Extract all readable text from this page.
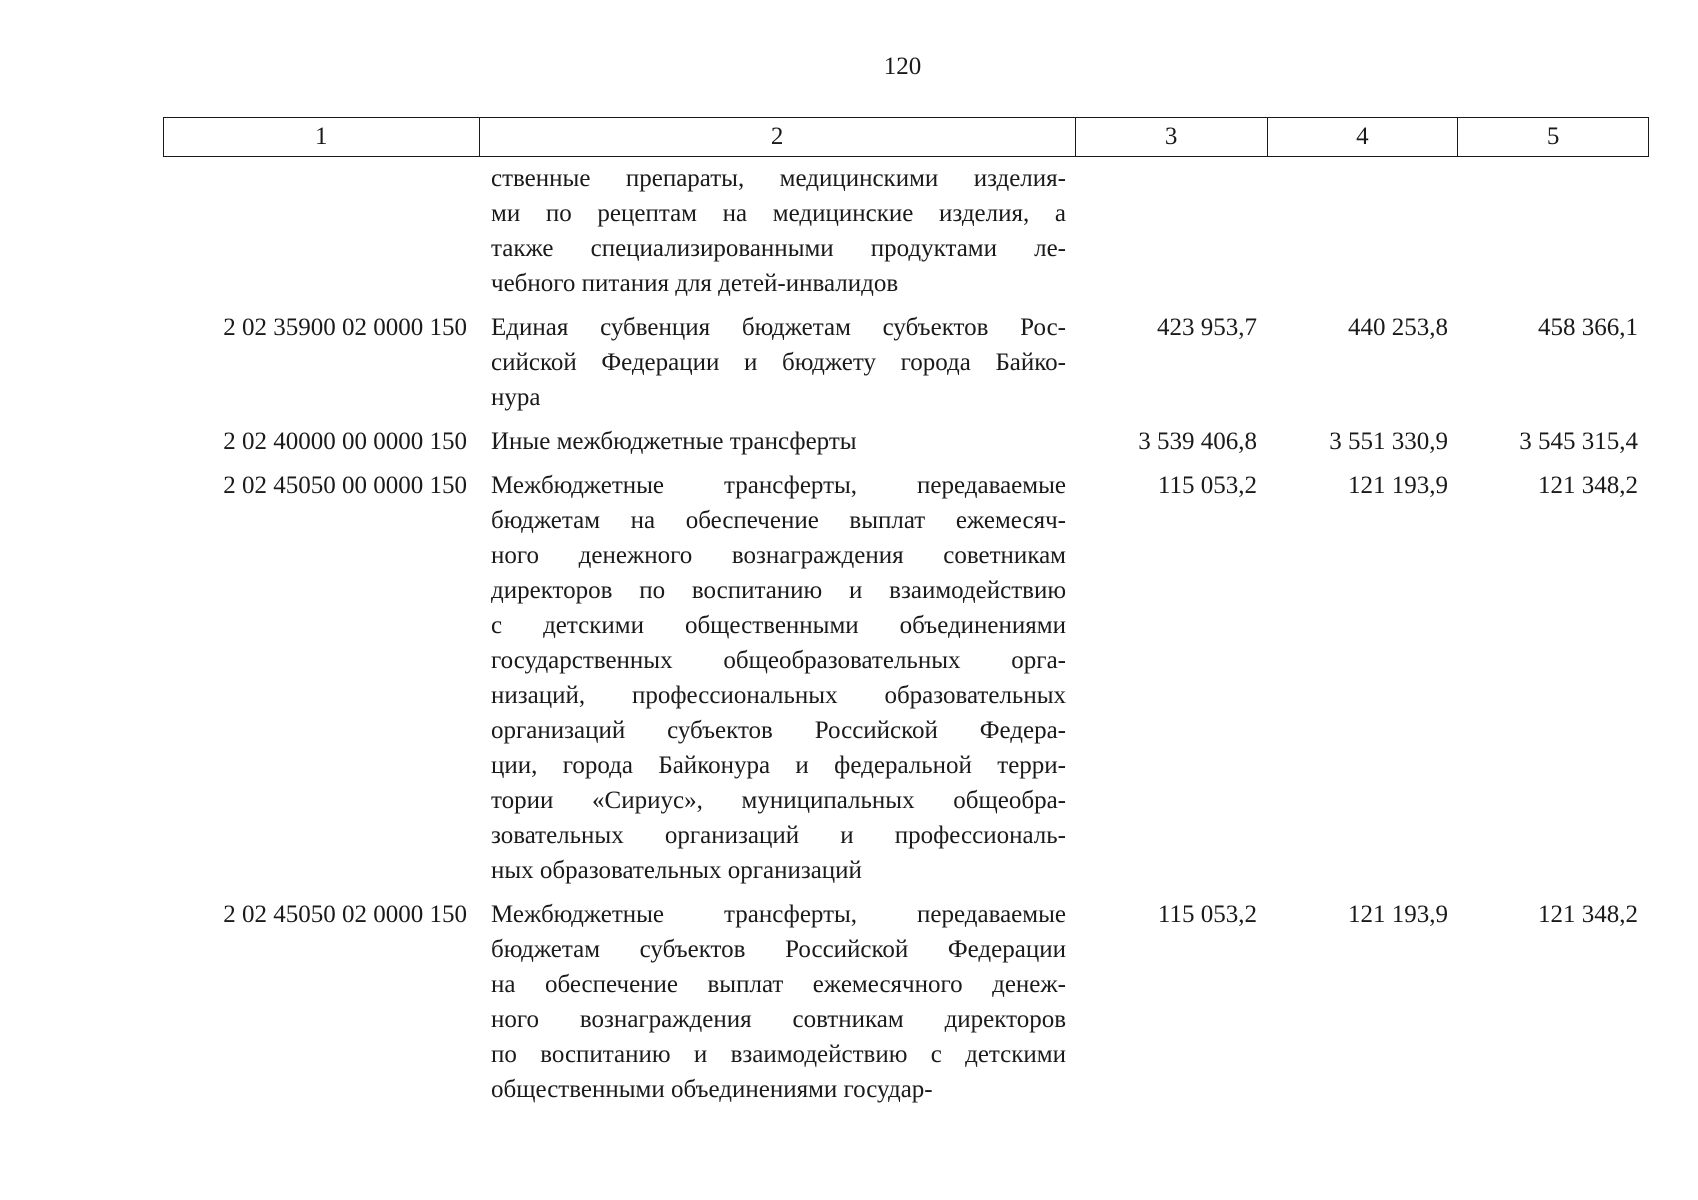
120
1	2	3	4	5
ственные препараты, медицинскими изделия-
ми по рецептам на медицинские изделия, а
также специализированными продуктами ле-
чебного питания для детей-инвалидов
2 02 35900 02 0000 150 Единая субвенция бюджетам субъектов Рос-
сийской Федерации и бюджету города Байко-
нура
423 953,7	440 253,8	458 366,1
2 02 40000 00 0000 150 Иные межбюджетные трансферты	3 539 406,8	3 551 330,9	3 545 315,4
2 02 45050 00 0000 150 Межбюджетные трансферты, передаваемые
бюджетам на обеспечение выплат ежемесяч-
ного денежного вознаграждения советникам
директоров по воспитанию и взаимодействию
с детскими общественными объединениями
государственных общеобразовательных орга-
низаций, профессиональных образовательных
организаций субъектов Российской Федера-
ции, города Байконура и федеральной терри-
тории «Сириус», муниципальных общеобра-
зовательных организаций и профессиональ-
ных образовательных организаций
115 053,2	121 193,9	121 348,2
2 02 45050 02 0000 150 Межбюджетные трансферты, передаваемые
бюджетам субъектов Российской Федерации
на обеспечение выплат ежемесячного денеж-
ного вознаграждения совтникам директоров
по воспитанию и взаимодействию с детскими
общественными объединениями государ-
115 053,2	121 193,9	121 348,2
